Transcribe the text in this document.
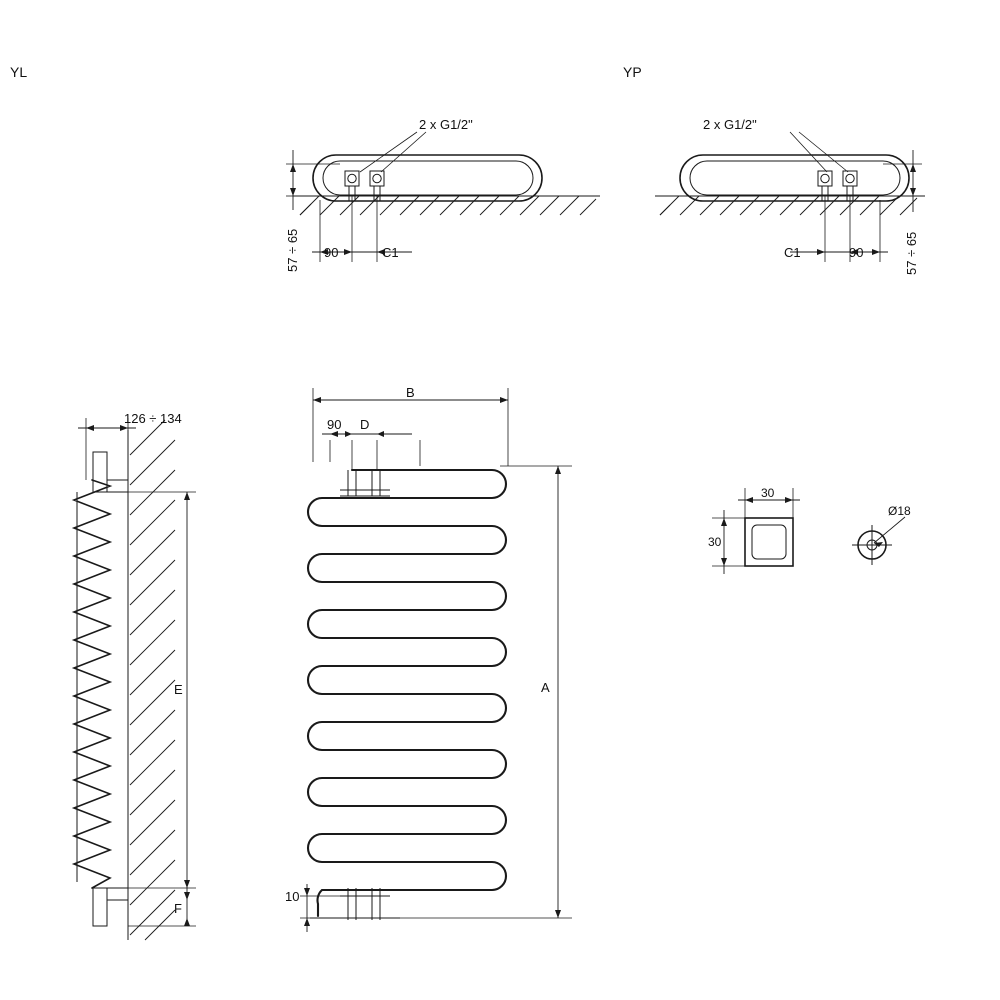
YL	YP
2 x G1/2"	2 x G1/2"
57 ÷ 65 90	C1	57 ÷ 65
90
C1
126 ÷ 134
E
F
B
90 D
A
10
30
30
Ø18
